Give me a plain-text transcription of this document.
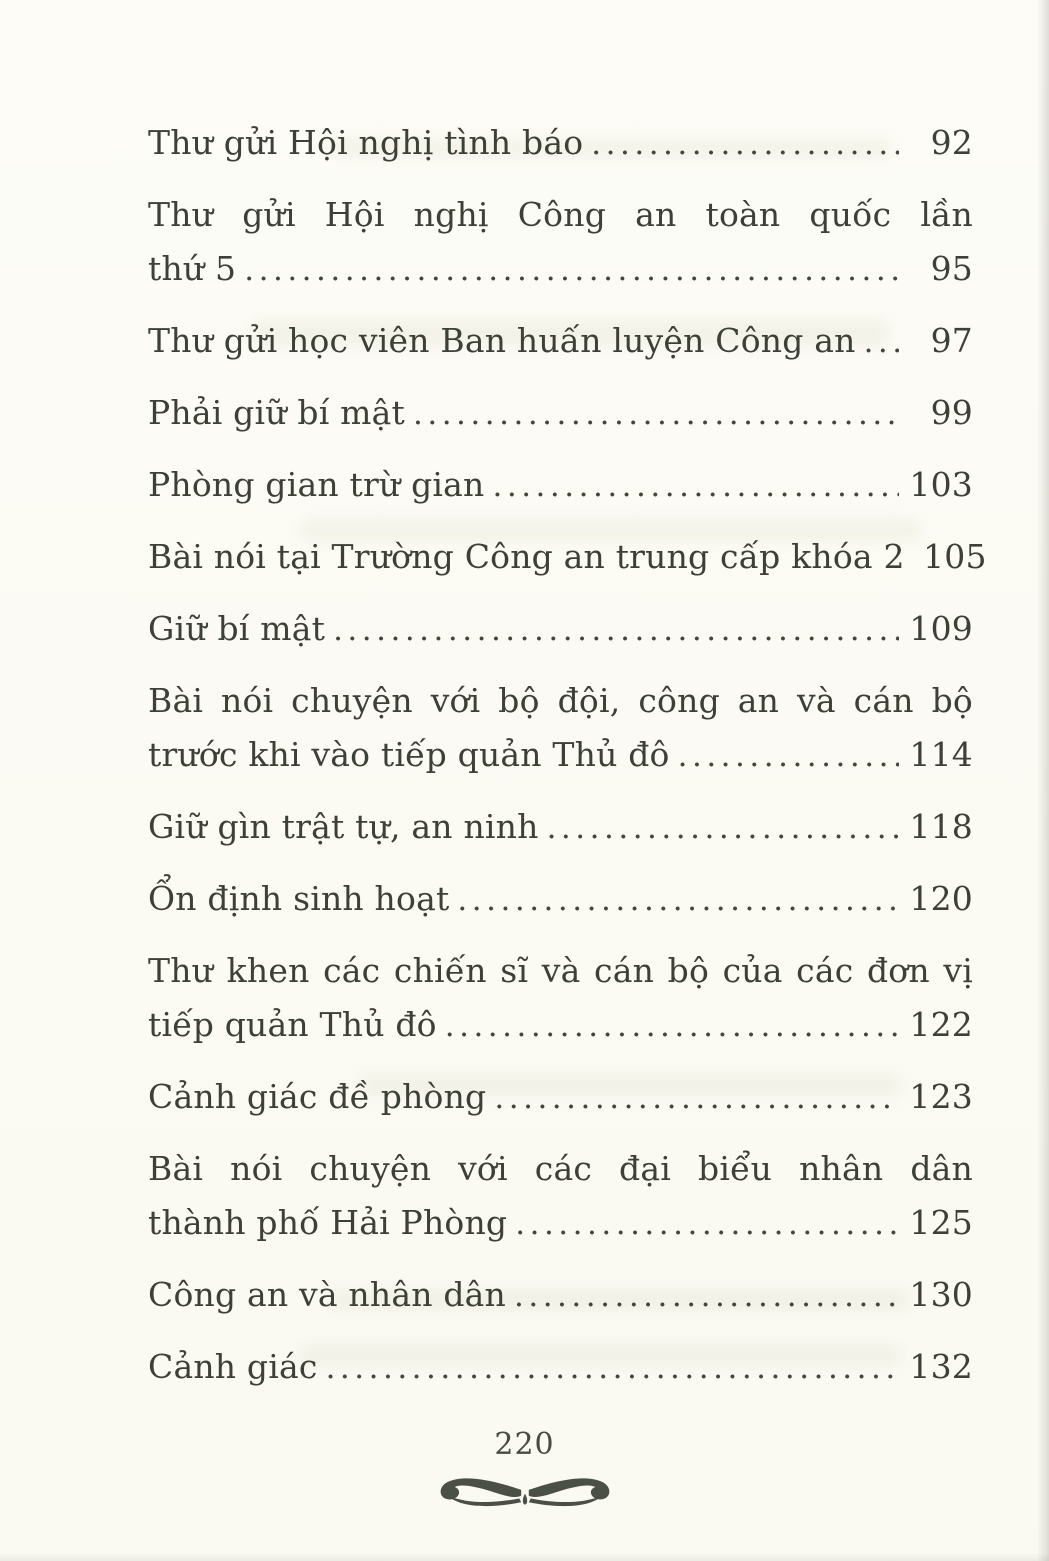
Thư gửi Hội nghị tình báo .....	92
Thư gửi Hội nghị Công an toàn quốc lần
thứ 5 .....	95
Thư gửi học viên Ban huấn luyện Công an .....	97
Phải giữ bí mật .....	99
Phòng gian trừ gian .....	103
Bài nói tại Trường Công an trung cấp khóa 2 105
Giữ bí mật .....	109
Bài nói chuyện với bộ đội, công an và cán bộ
trước khi vào tiếp quản Thủ đô .....	114
Giữ gìn trật tự, an ninh .....	118
Ổn định sinh hoạt .....	120
Thư khen các chiến sĩ và cán bộ của các đơn vị
tiếp quản Thủ đô .....	122
Cảnh giác đề phòng .....	123
Bài nói chuyện với các đại biểu nhân dân
thành phố Hải Phòng .....	125
Công an và nhân dân .....	130
Cảnh giác .....	132
220
